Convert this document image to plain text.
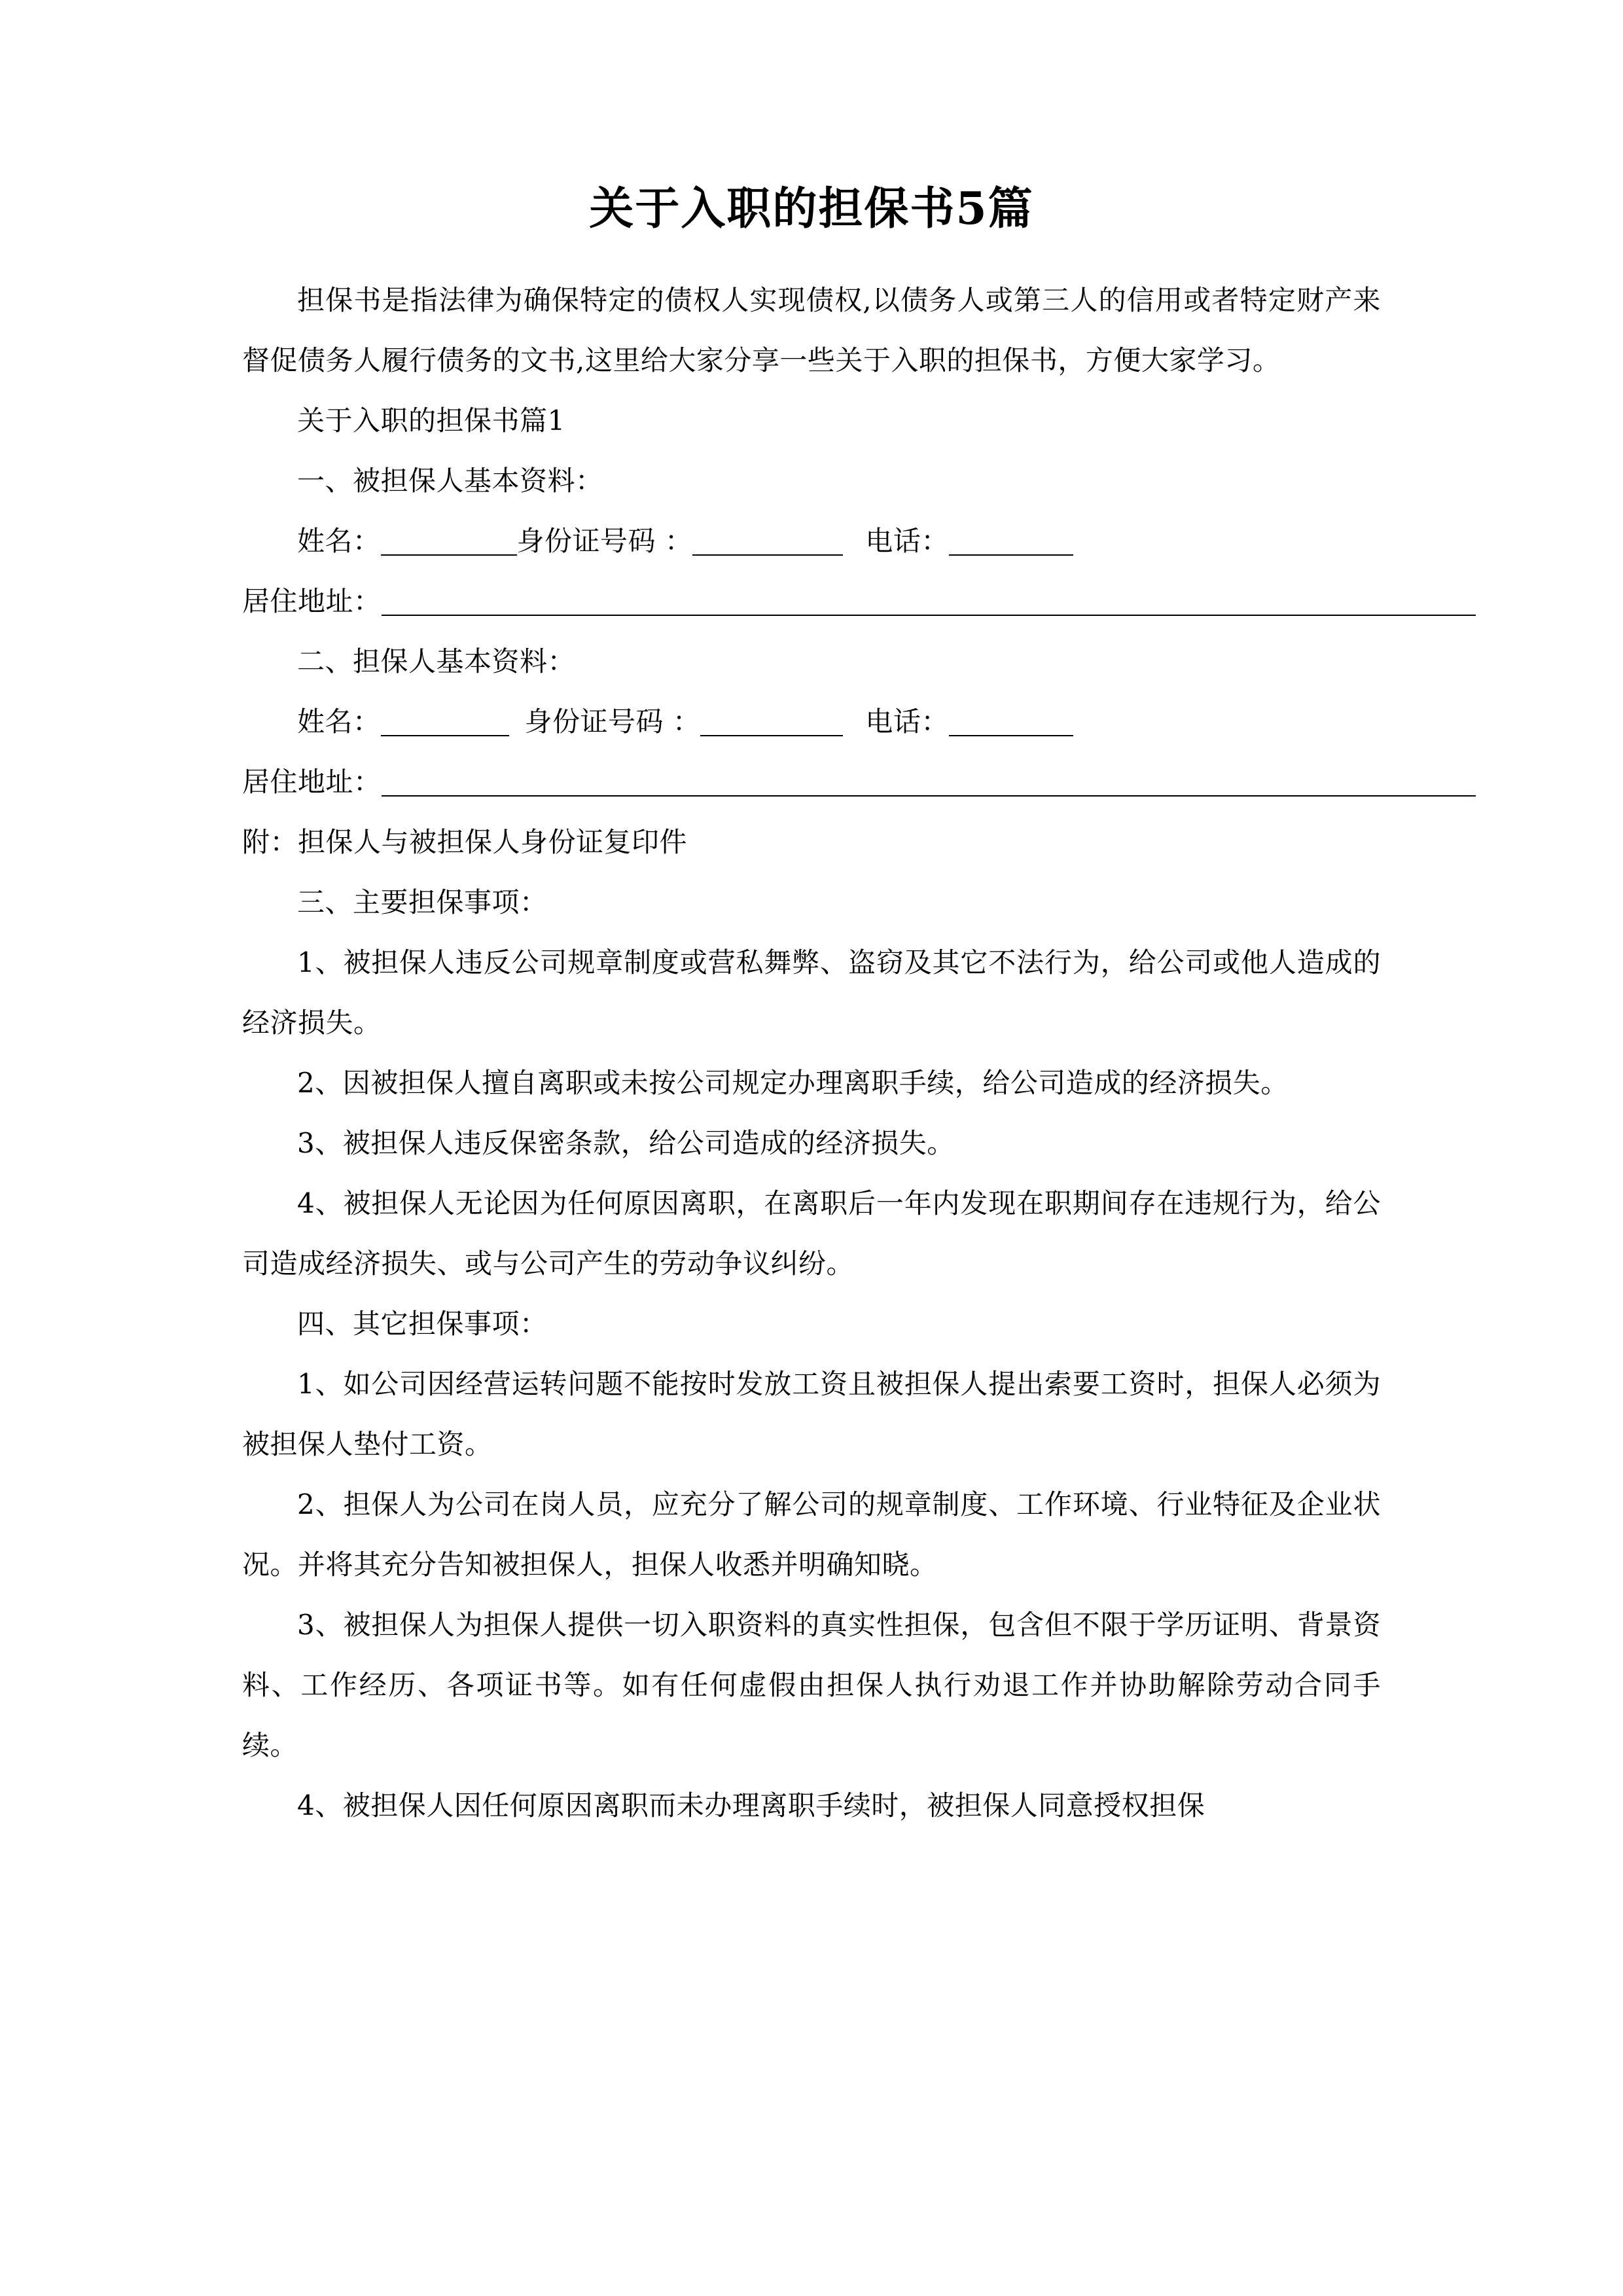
关于入职的担保书5篇

担保书是指法律为确保特定的债权人实现债权,以债务人或第三人的信用或者特定财产来督促债务人履行债务的文书,这里给大家分享一些关于入职的担保书，方便大家学习。

关于入职的担保书篇1

一、被担保人基本资料：

姓名：	身份证号码 ：	电话：
居住地址：

二、担保人基本资料：

姓名：	身份证号码 ：	电话：
居住地址：

附：担保人与被担保人身份证复印件

三、主要担保事项：

1、被担保人违反公司规章制度或营私舞弊、盗窃及其它不法行为，给公司或他人造成的经济损失。

2、因被担保人擅自离职或未按公司规定办理离职手续，给公司造成的经济损失。

3、被担保人违反保密条款，给公司造成的经济损失。

4、被担保人无论因为任何原因离职，在离职后一年内发现在职期间存在违规行为，给公司造成经济损失、或与公司产生的劳动争议纠纷。

四、其它担保事项：

1、如公司因经营运转问题不能按时发放工资且被担保人提出索要工资时，担保人必须为被担保人垫付工资。

2、担保人为公司在岗人员，应充分了解公司的规章制度、工作环境、行业特征及企业状况。并将其充分告知被担保人，担保人收悉并明确知晓。

3、被担保人为担保人提供一切入职资料的真实性担保，包含但不限于学历证明、背景资料、工作经历、各项证书等。如有任何虚假由担保人执行劝退工作并协助解除劳动合同手续。

4、被担保人因任何原因离职而未办理离职手续时，被担保人同意授权担保
